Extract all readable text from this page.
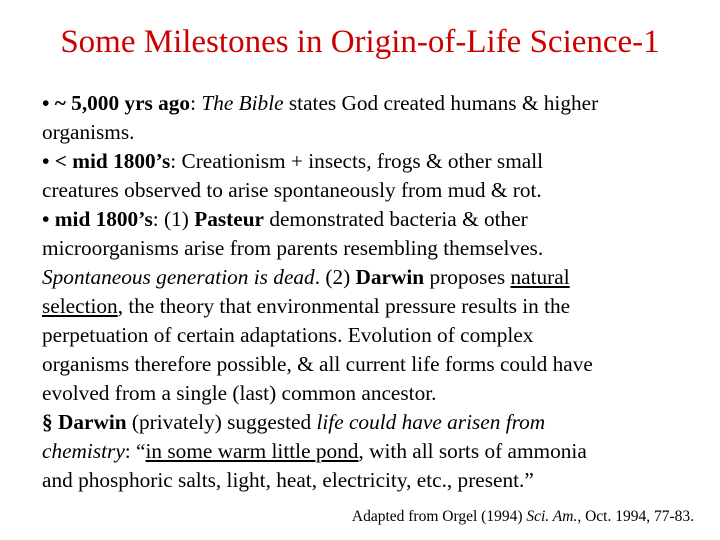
Some Milestones in Origin-of-Life Science-1
• ~ 5,000 yrs ago: The Bible states God created humans & higher
organisms.
• < mid 1800’s: Creationism + insects, frogs & other small
creatures observed to arise spontaneously from mud & rot.
• mid 1800’s: (1) Pasteur demonstrated bacteria & other
microorganisms arise from parents resembling themselves.
Spontaneous generation is dead. (2) Darwin proposes natural
selection, the theory that environmental pressure results in the
perpetuation of certain adaptations. Evolution of complex
organisms therefore possible, & all current life forms could have
evolved from a single (last) common ancestor.
§ Darwin (privately) suggested life could have arisen from
chemistry: “in some warm little pond, with all sorts of ammonia
and phosphoric salts, light, heat, electricity, etc., present.”
Adapted from Orgel (1994) Sci. Am., Oct. 1994, 77-83.
